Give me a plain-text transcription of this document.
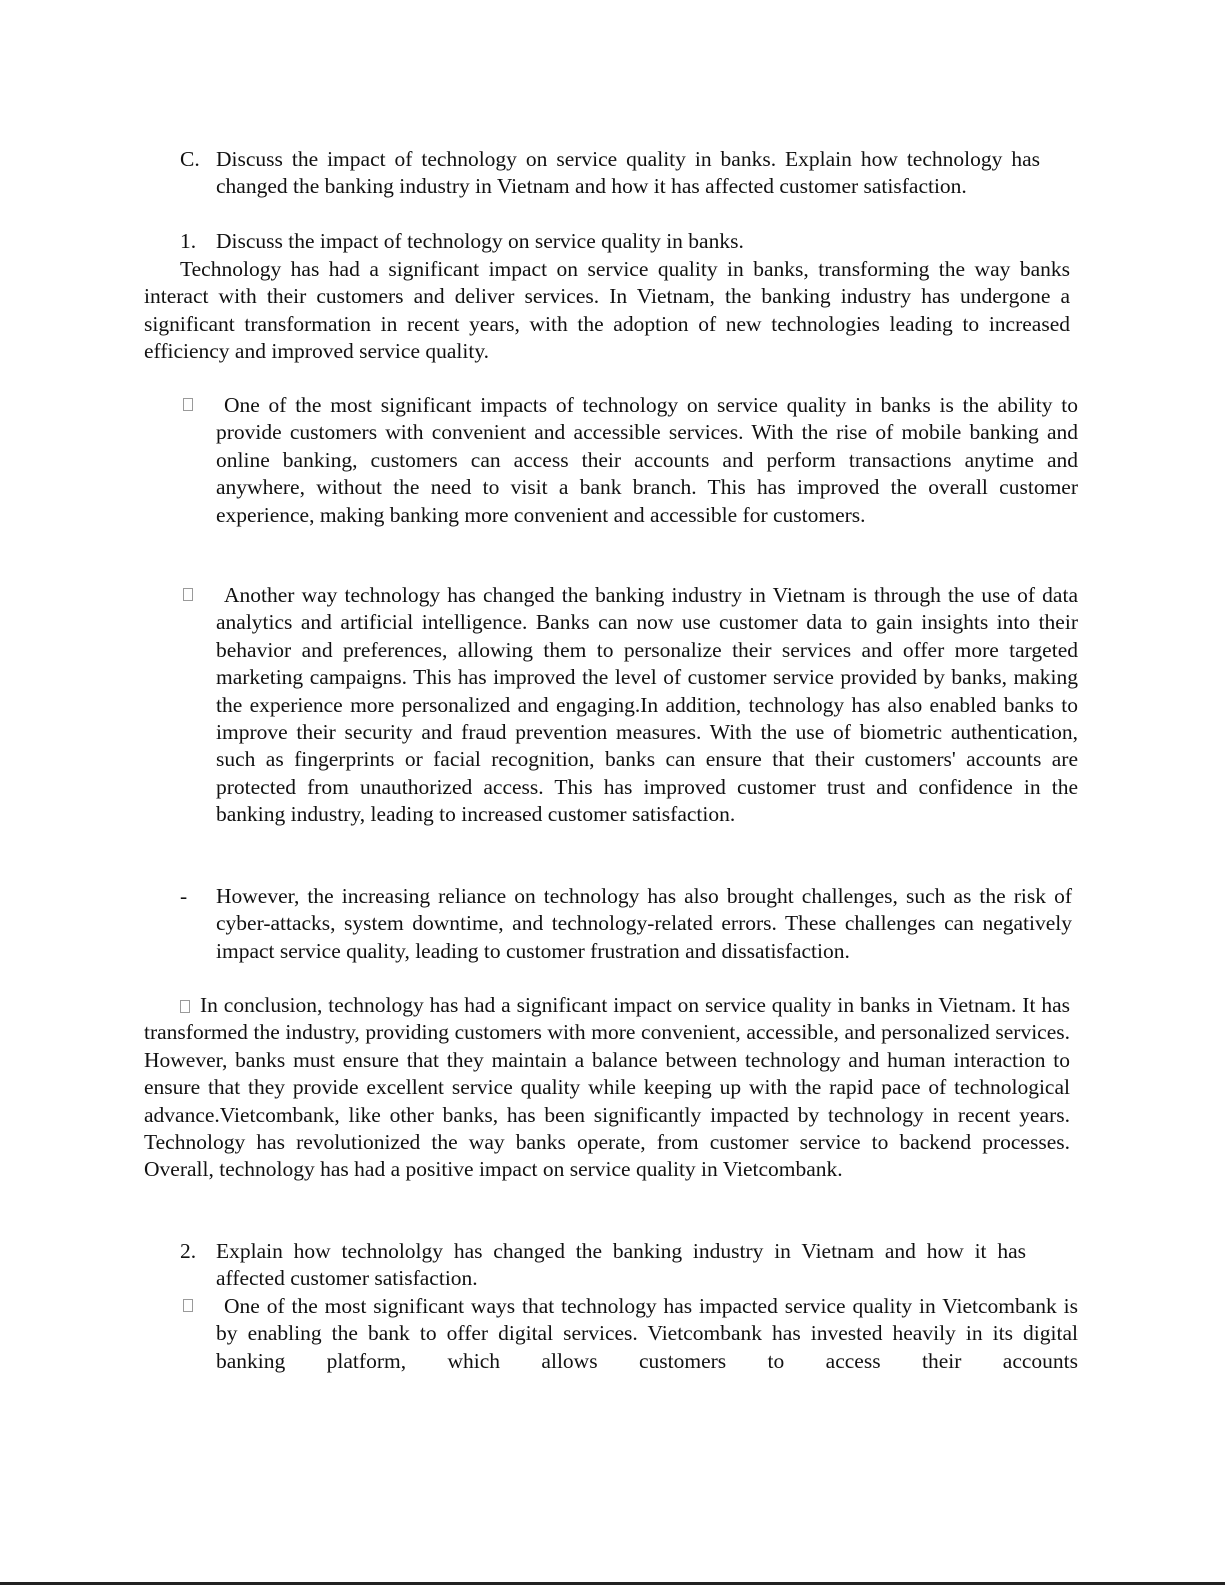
C. Discuss the impact of technology on service quality in banks. Explain how technology has changed the banking industry in Vietnam and how it has affected customer satisfaction.
1. Discuss the impact of technology on service quality in banks.
Technology has had a significant impact on service quality in banks, transforming the way banks interact with their customers and deliver services. In Vietnam, the banking industry has undergone a significant transformation in recent years, with the adoption of new technologies leading to increased efficiency and improved service quality.
One of the most significant impacts of technology on service quality in banks is the ability to provide customers with convenient and accessible services. With the rise of mobile banking and online banking, customers can access their accounts and perform transactions anytime and anywhere, without the need to visit a bank branch. This has improved the overall customer experience, making banking more convenient and accessible for customers.
Another way technology has changed the banking industry in Vietnam is through the use of data analytics and artificial intelligence. Banks can now use customer data to gain insights into their behavior and preferences, allowing them to personalize their services and offer more targeted marketing campaigns. This has improved the level of customer service provided by banks, making the experience more personalized and engaging.In addition, technology has also enabled banks to improve their security and fraud prevention measures. With the use of biometric authentication, such as fingerprints or facial recognition, banks can ensure that their customers' accounts are protected from unauthorized access. This has improved customer trust and confidence in the banking industry, leading to increased customer satisfaction.
- However, the increasing reliance on technology has also brought challenges, such as the risk of cyber-attacks, system downtime, and technology-related errors. These challenges can negatively impact service quality, leading to customer frustration and dissatisfaction.
In conclusion, technology has had a significant impact on service quality in banks in Vietnam. It has transformed the industry, providing customers with more convenient, accessible, and personalized services. However, banks must ensure that they maintain a balance between technology and human interaction to ensure that they provide excellent service quality while keeping up with the rapid pace of technological advance.Vietcombank, like other banks, has been significantly impacted by technology in recent years. Technology has revolutionized the way banks operate, from customer service to backend processes. Overall, technology has had a positive impact on service quality in Vietcombank.
2. Explain how technololgy has changed the banking industry in Vietnam and how it has affected customer satisfaction.
One of the most significant ways that technology has impacted service quality in Vietcombank is by enabling the bank to offer digital services. Vietcombank has invested heavily in its digital banking platform, which allows customers to access their accounts
